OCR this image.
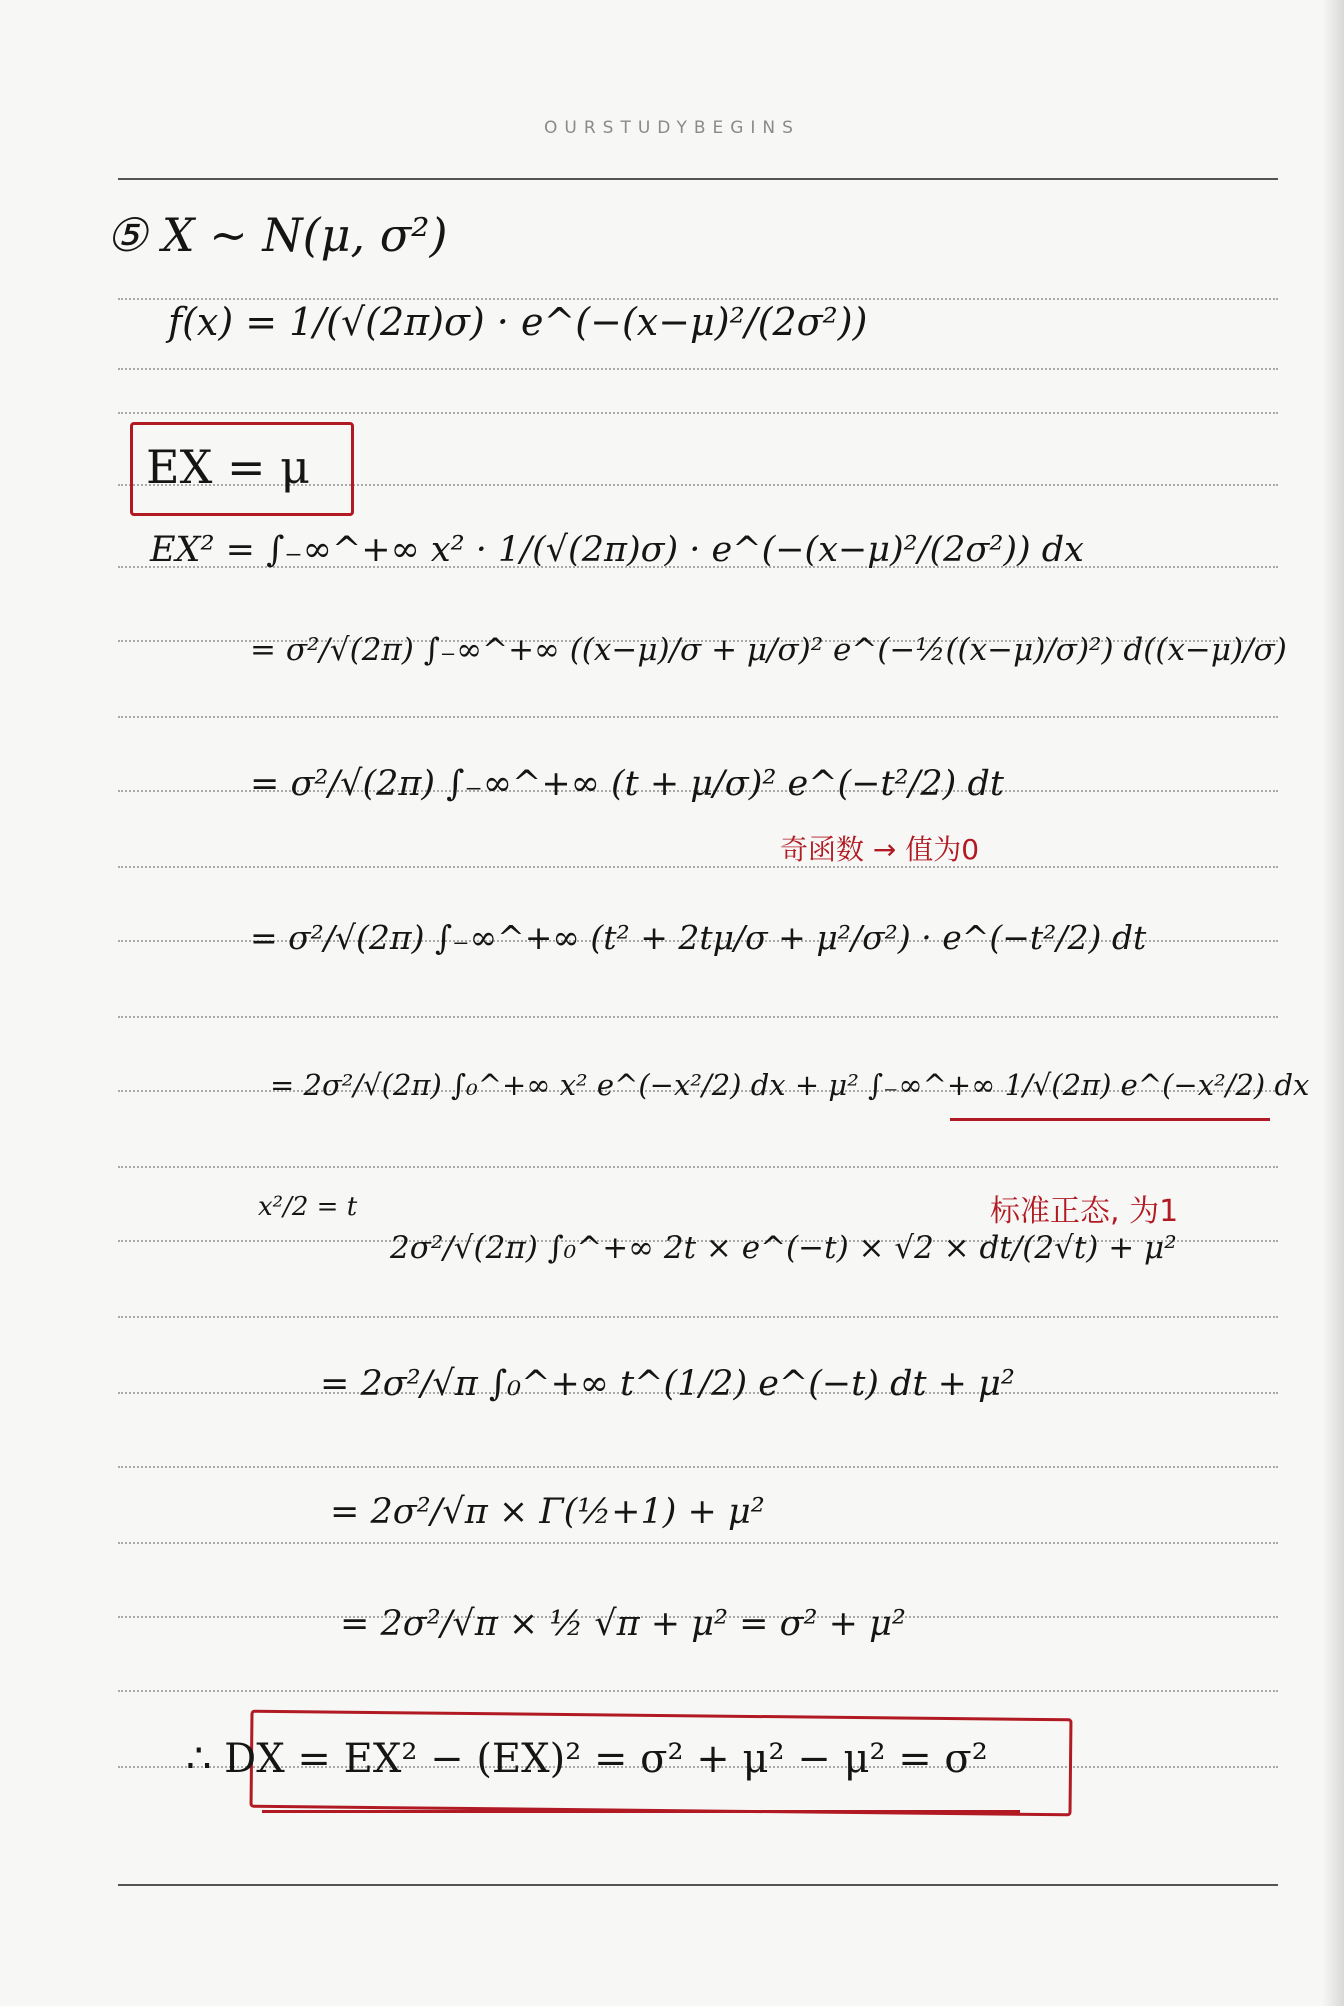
OURSTUDYBEGINS
⑤ X ~ N(μ, σ²)
f(x) = 1/(√(2π)σ) · e^(−(x−μ)²/(2σ²))
EX = μ
EX² = ∫₋∞^+∞ x² · 1/(√(2π)σ) · e^(−(x−μ)²/(2σ²)) dx
= σ²/√(2π) ∫₋∞^+∞ ((x−μ)/σ + μ/σ)² e^(−½((x−μ)/σ)²) d((x−μ)/σ)
= σ²/√(2π) ∫₋∞^+∞ (t + μ/σ)² e^(−t²/2) dt
奇函数 → 值为0
= σ²/√(2π) ∫₋∞^+∞ (t² + 2tμ/σ + μ²/σ²) · e^(−t²/2) dt
= 2σ²/√(2π) ∫₀^+∞ x² e^(−x²/2) dx + μ² ∫₋∞^+∞ 1/√(2π) e^(−x²/2) dx
x²/2 = t
2σ²/√(2π) ∫₀^+∞ 2t × e^(−t) × √2 × dt/(2√t) + μ²
标准正态, 为1
= 2σ²/√π ∫₀^+∞ t^(1/2) e^(−t) dt + μ²
= 2σ²/√π × Γ(½+1) + μ²
= 2σ²/√π × ½ √π + μ² = σ² + μ²
∴ DX = EX² − (EX)² = σ² + μ² − μ² = σ²
